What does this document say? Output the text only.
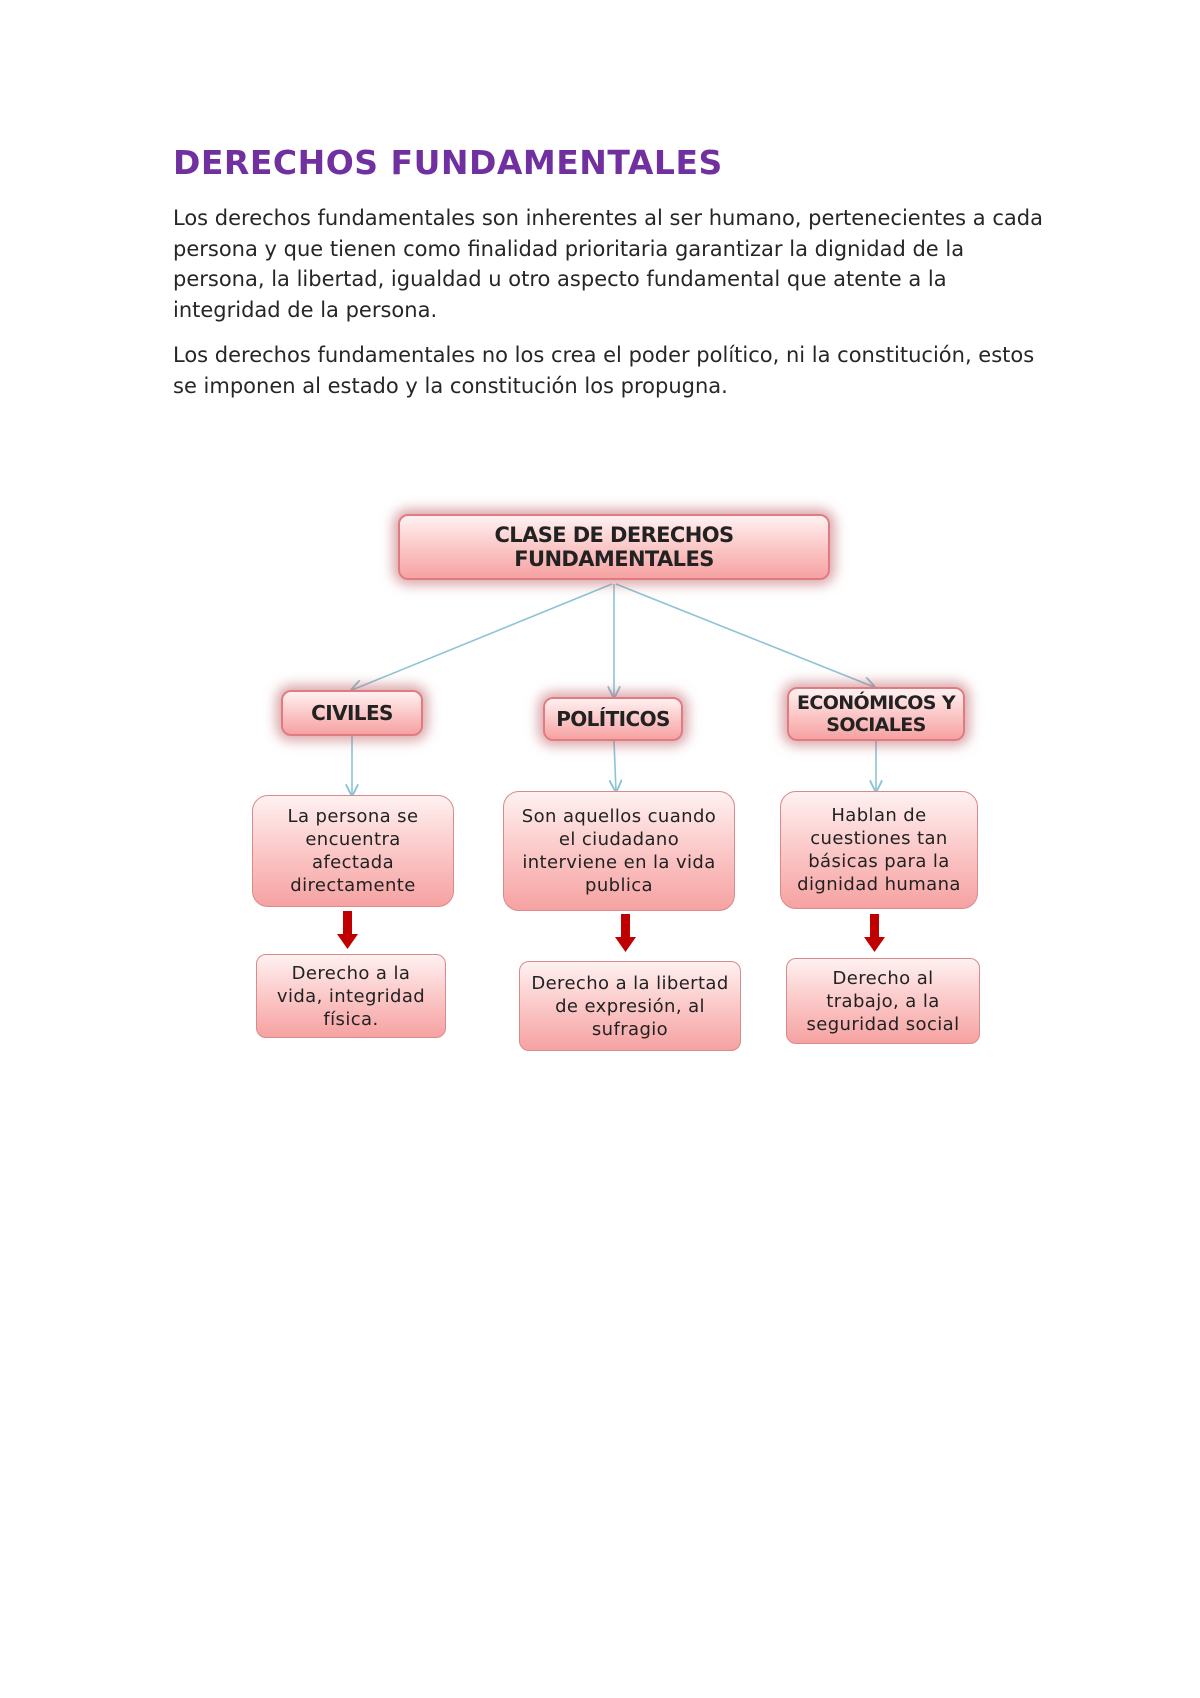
DERECHOS FUNDAMENTALES

Los derechos fundamentales son inherentes al ser humano, pertenecientes a cada persona y que tienen como finalidad prioritaria garantizar la dignidad de la persona, la libertad, igualdad u otro aspecto fundamental que atente a la integridad de la persona.

Los derechos fundamentales no los crea el poder político, ni la constitución, estos se imponen al estado y la constitución los propugna.

CLASE DE DERECHOS FUNDAMENTALES
CIVILES	POLÍTICOS
ECONÓMICOS Y SOCIALES
La persona se encuentra afectada directamente
Son aquellos cuando el ciudadano interviene en la vida publica
Hablan de cuestiones tan básicas para la dignidad humana
Derecho a la vida, integridad física.
Derecho a la libertad de expresión, al sufragio
Derecho al trabajo, a la seguridad social
